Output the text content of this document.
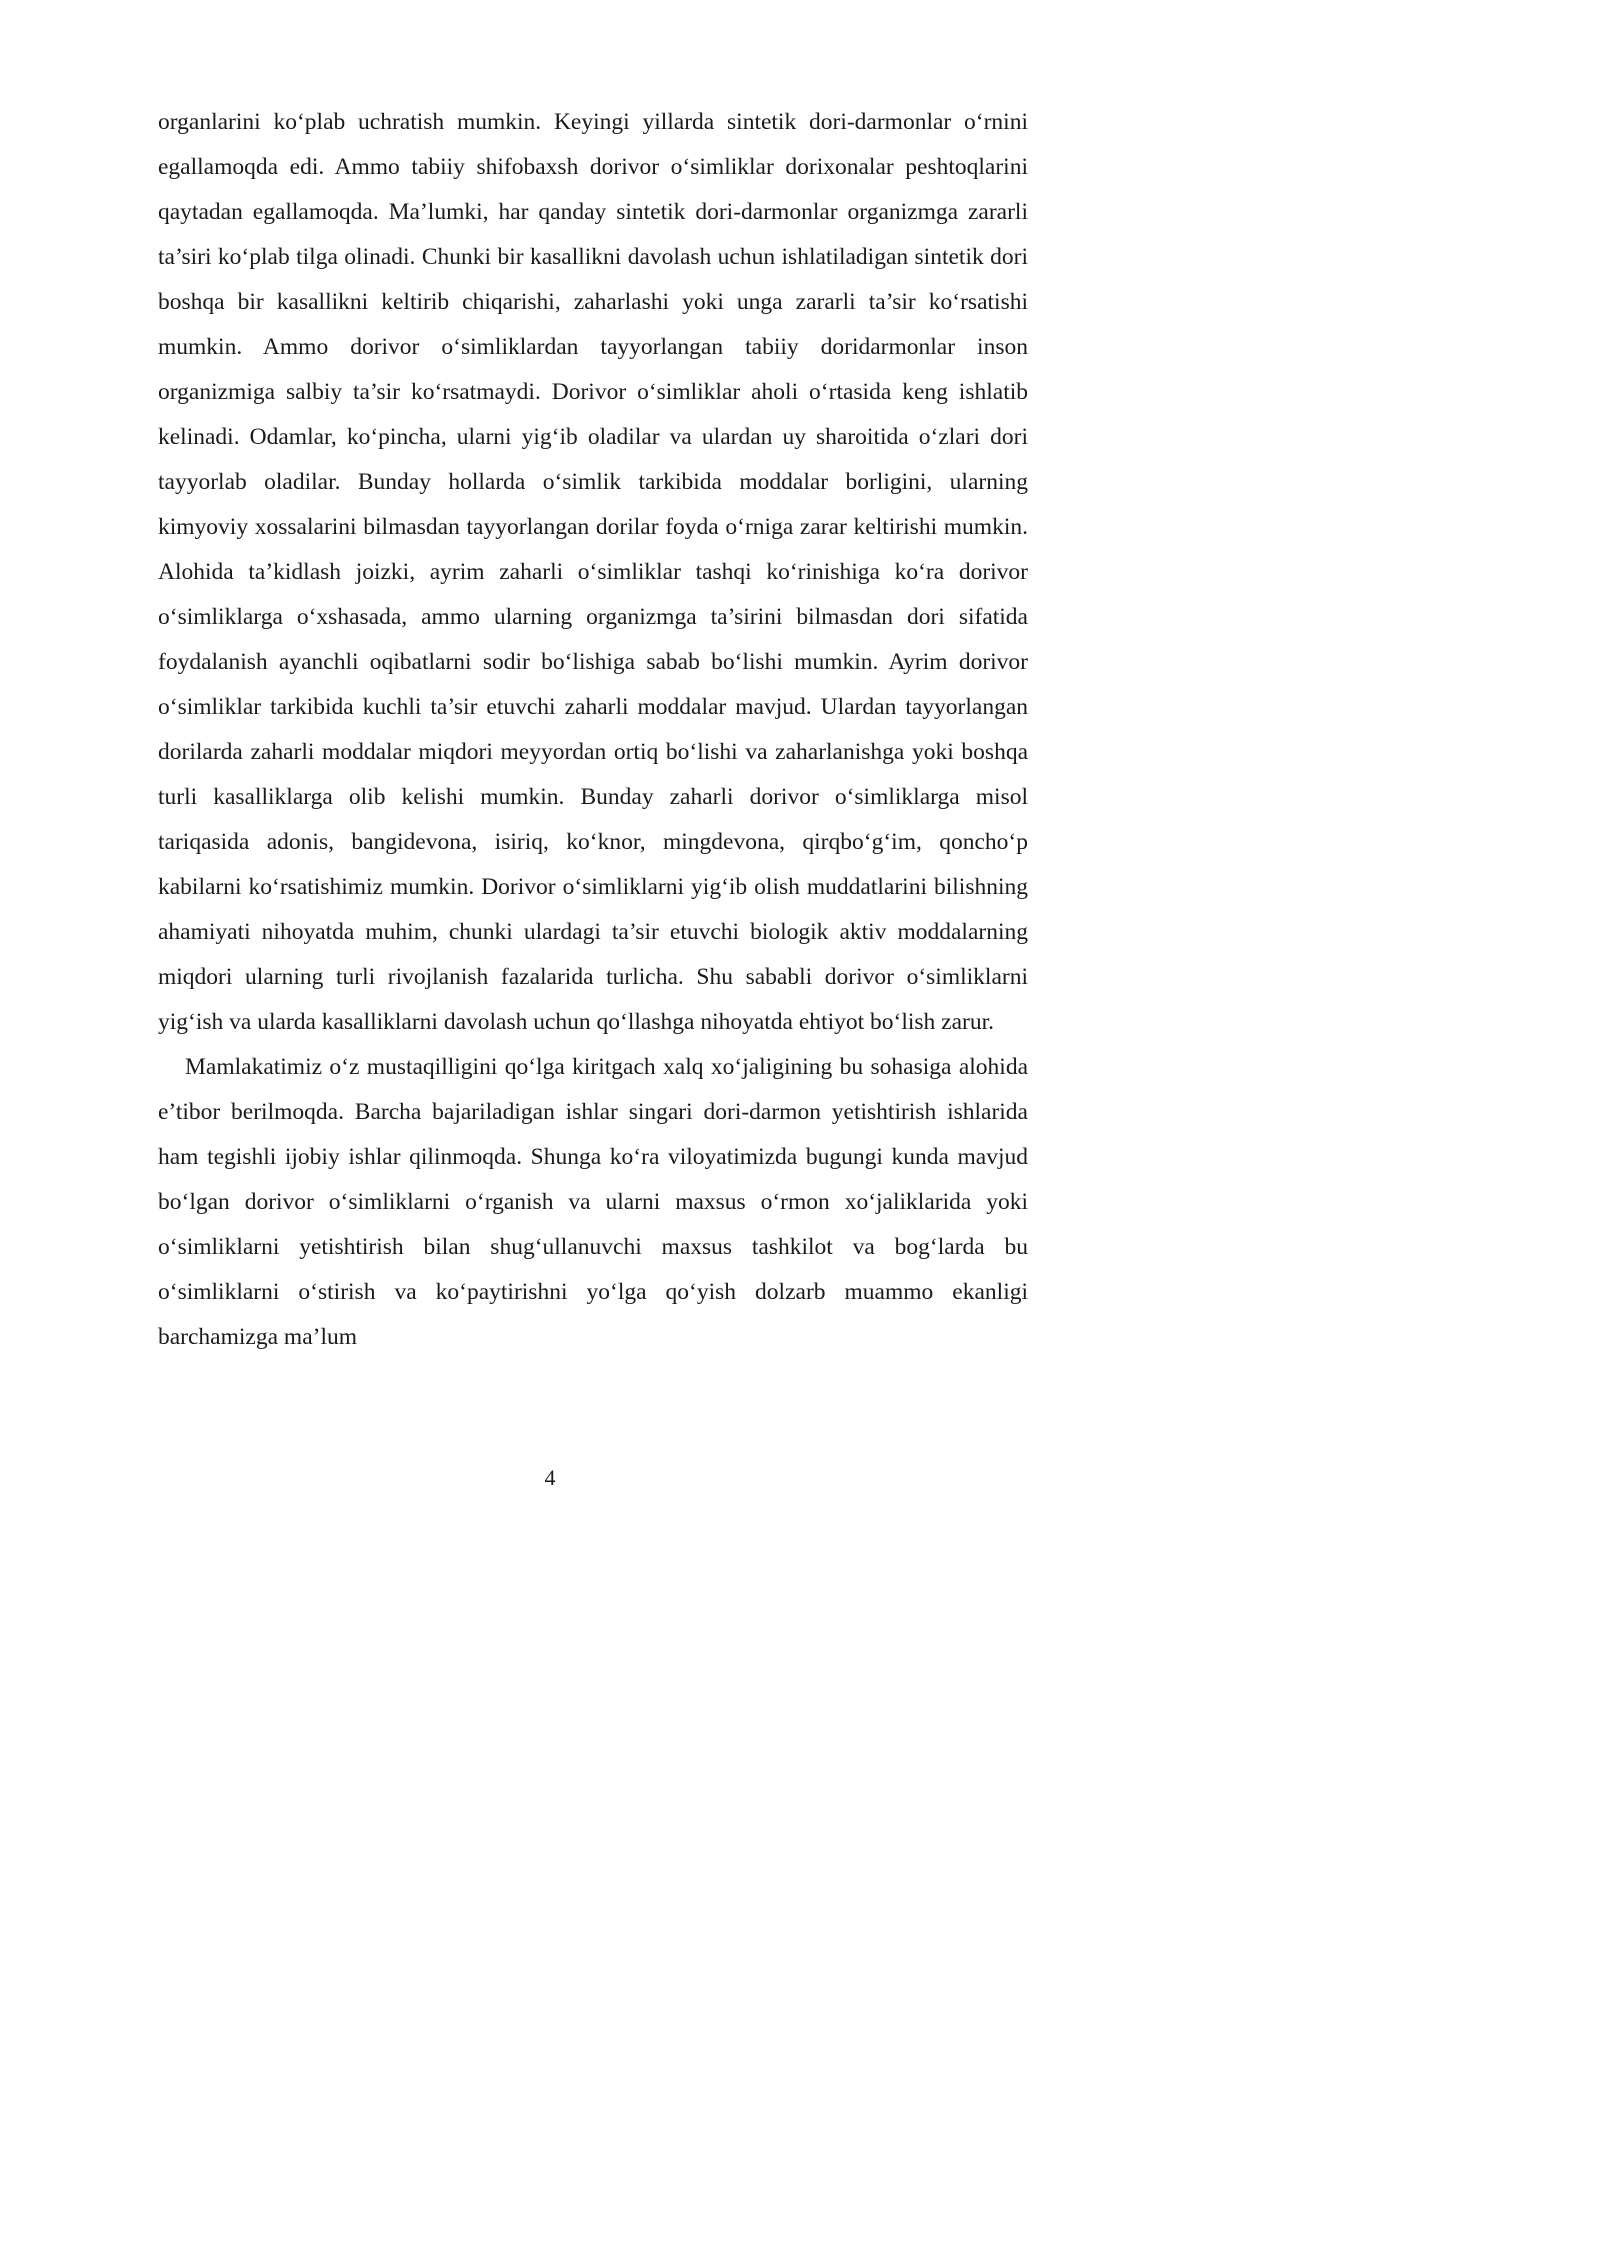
organlarini ko‘plab uchratish mumkin. Keyingi yillarda sintetik dori-darmonlar o‘rnini egallamoqda edi. Ammo tabiiy shifobaxsh dorivor o‘simliklar dorixonalar peshtoqlarini qaytadan egallamoqda. Ma’lumki, har qanday sintetik dori-darmonlar organizmga zararli ta’siri ko‘plab tilga olinadi. Chunki bir kasallikni davolash uchun ishlatiladigan sintetik dori boshqa bir kasallikni keltirib chiqarishi, zaharlashi yoki unga zararli ta’sir ko‘rsatishi mumkin. Ammo dorivor o‘simliklardan tayyorlangan tabiiy doridarmonlar inson organizmiga salbiy ta’sir ko‘rsatmaydi. Dorivor o‘simliklar aholi o‘rtasida keng ishlatib kelinadi. Odamlar, ko‘pincha, ularni yig‘ib oladilar va ulardan uy sharoitida o‘zlari dori tayyorlab oladilar. Bunday hollarda o‘simlik tarkibida moddalar borligini, ularning kimyoviy xossalarini bilmasdan tayyorlangan dorilar foyda o‘rniga zarar keltirishi mumkin. Alohida ta’kidlash joizki, ayrim zaharli o‘simliklar tashqi ko‘rinishiga ko‘ra dorivor o‘simliklarga o‘xshasada, ammo ularning organizmga ta’sirini bilmasdan dori sifatida foydalanish ayanchli oqibatlarni sodir bo‘lishiga sabab bo‘lishi mumkin. Ayrim dorivor o‘simliklar tarkibida kuchli ta’sir etuvchi zaharli moddalar mavjud. Ulardan tayyorlangan dorilarda zaharli moddalar miqdori meyyordan ortiq bo‘lishi va zaharlanishga yoki boshqa turli kasalliklarga olib kelishi mumkin. Bunday zaharli dorivor o‘simliklarga misol tariqasida adonis, bangidevona, isiriq, ko‘knor, mingdevona, qirqbo‘g‘im, qoncho‘p kabilarni ko‘rsatishimiz mumkin. Dorivor o‘simliklarni yig‘ib olish muddatlarini bilishning ahamiyati nihoyatda muhim, chunki ulardagi ta’sir etuvchi biologik aktiv moddalarning miqdori ularning turli rivojlanish fazalarida turlicha. Shu sababli dorivor o‘simliklarni yig‘ish va ularda kasalliklarni davolash uchun qo‘llashga nihoyatda ehtiyot bo‘lish zarur.

Mamlakatimiz o‘z mustaqilligini qo‘lga kiritgach xalq xo‘jaligining bu sohasiga alohida e’tibor berilmoqda. Barcha bajariladigan ishlar singari dori-darmon yetishtirish ishlarida ham tegishli ijobiy ishlar qilinmoqda. Shunga ko‘ra viloyatimizda bugungi kunda mavjud bo‘lgan dorivor o‘simliklarni o‘rganish va ularni maxsus o‘rmon xo‘jaliklarida yoki o‘simliklarni yetishtirish bilan shug‘ullanuvchi maxsus tashkilot va bog‘larda bu o‘simliklarni o‘stirish va ko‘paytirishni yo‘lga qo‘yish dolzarb muammo ekanligi barchamizga ma’lum

4
